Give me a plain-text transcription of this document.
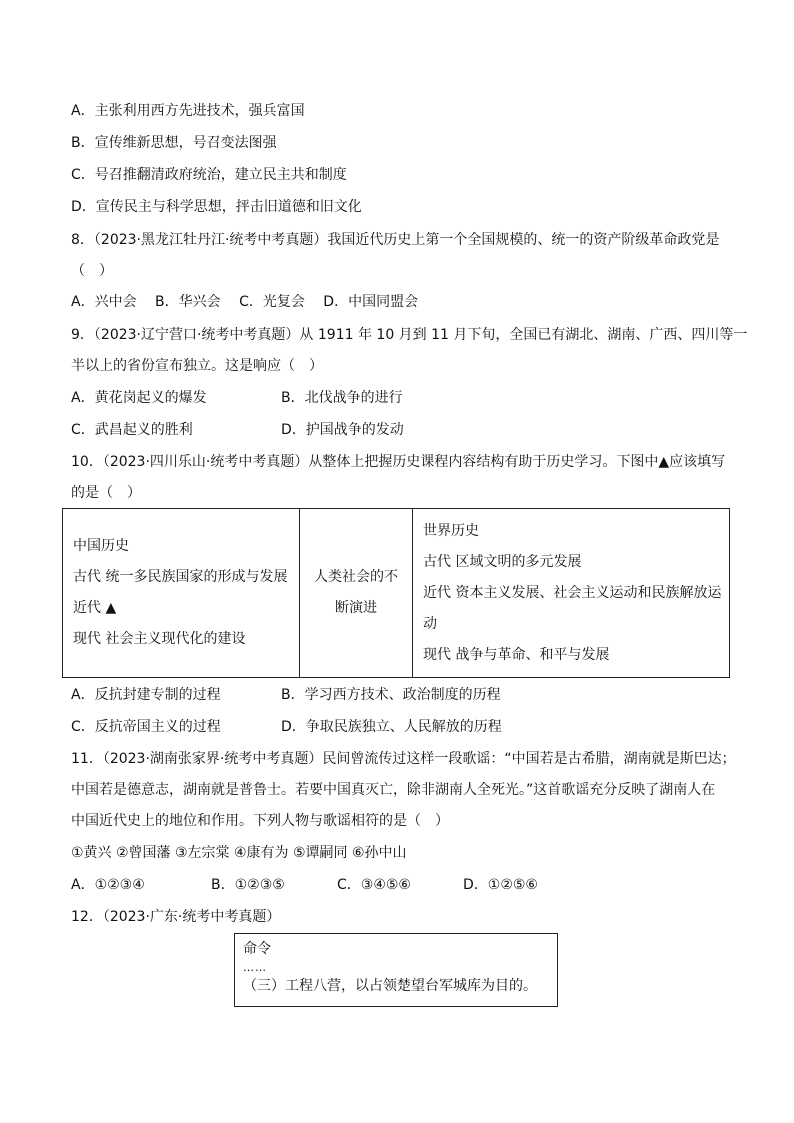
A．主张利用西方先进技术，强兵富国
B．宣传维新思想，号召变法图强
C．号召推翻清政府统治，建立民主共和制度
D．宣传民主与科学思想，抨击旧道德和旧文化
8．（2023·黑龙江牡丹江·统考中考真题）我国近代历史上第一个全国规模的、统一的资产阶级革命政党是
（　）
A．兴中会　 B．华兴会　 C．光复会　 D．中国同盟会
9．（2023·辽宁营口·统考中考真题）从 1911 年 10 月到 11 月下旬，全国已有湖北、湖南、广西、四川等一
半以上的省份宣布独立。这是响应（　）
A．黄花岗起义的爆发	B．北伐战争的进行
C．武昌起义的胜利	D．护国战争的发动
10．（2023·四川乐山·统考中考真题）从整体上把握历史课程内容结构有助于历史学习。下图中▲应该填写
的是（　）
中国历史
古代 统一多民族国家的形成与发展
近代 ▲
现代 社会主义现代化的建设

人类社会的不
断演进

世界历史
古代 区域文明的多元发展
近代 资本主义发展、社会主义运动和民族解放运
动
现代 战争与革命、和平与发展
A．反抗封建专制的过程	B．学习西方技术、政治制度的历程
C．反抗帝国主义的过程	D．争取民族独立、人民解放的历程
11．（2023·湖南张家界·统考中考真题）民间曾流传过这样一段歌谣：“中国若是古希腊，湖南就是斯巴达；
中国若是德意志，湖南就是普鲁士。若要中国真灭亡，除非湖南人全死光。”这首歌谣充分反映了湖南人在
中国近代史上的地位和作用。下列人物与歌谣相符的是（　）
①黄兴 ②曾国藩 ③左宗棠 ④康有为 ⑤谭嗣同 ⑥孙中山
A．①②③④	B．①②③⑤	C．③④⑤⑥	D．①②⑤⑥
12．（2023·广东·统考中考真题）
命令
……
（三）工程八营，以占领楚望台军城库为目的。
